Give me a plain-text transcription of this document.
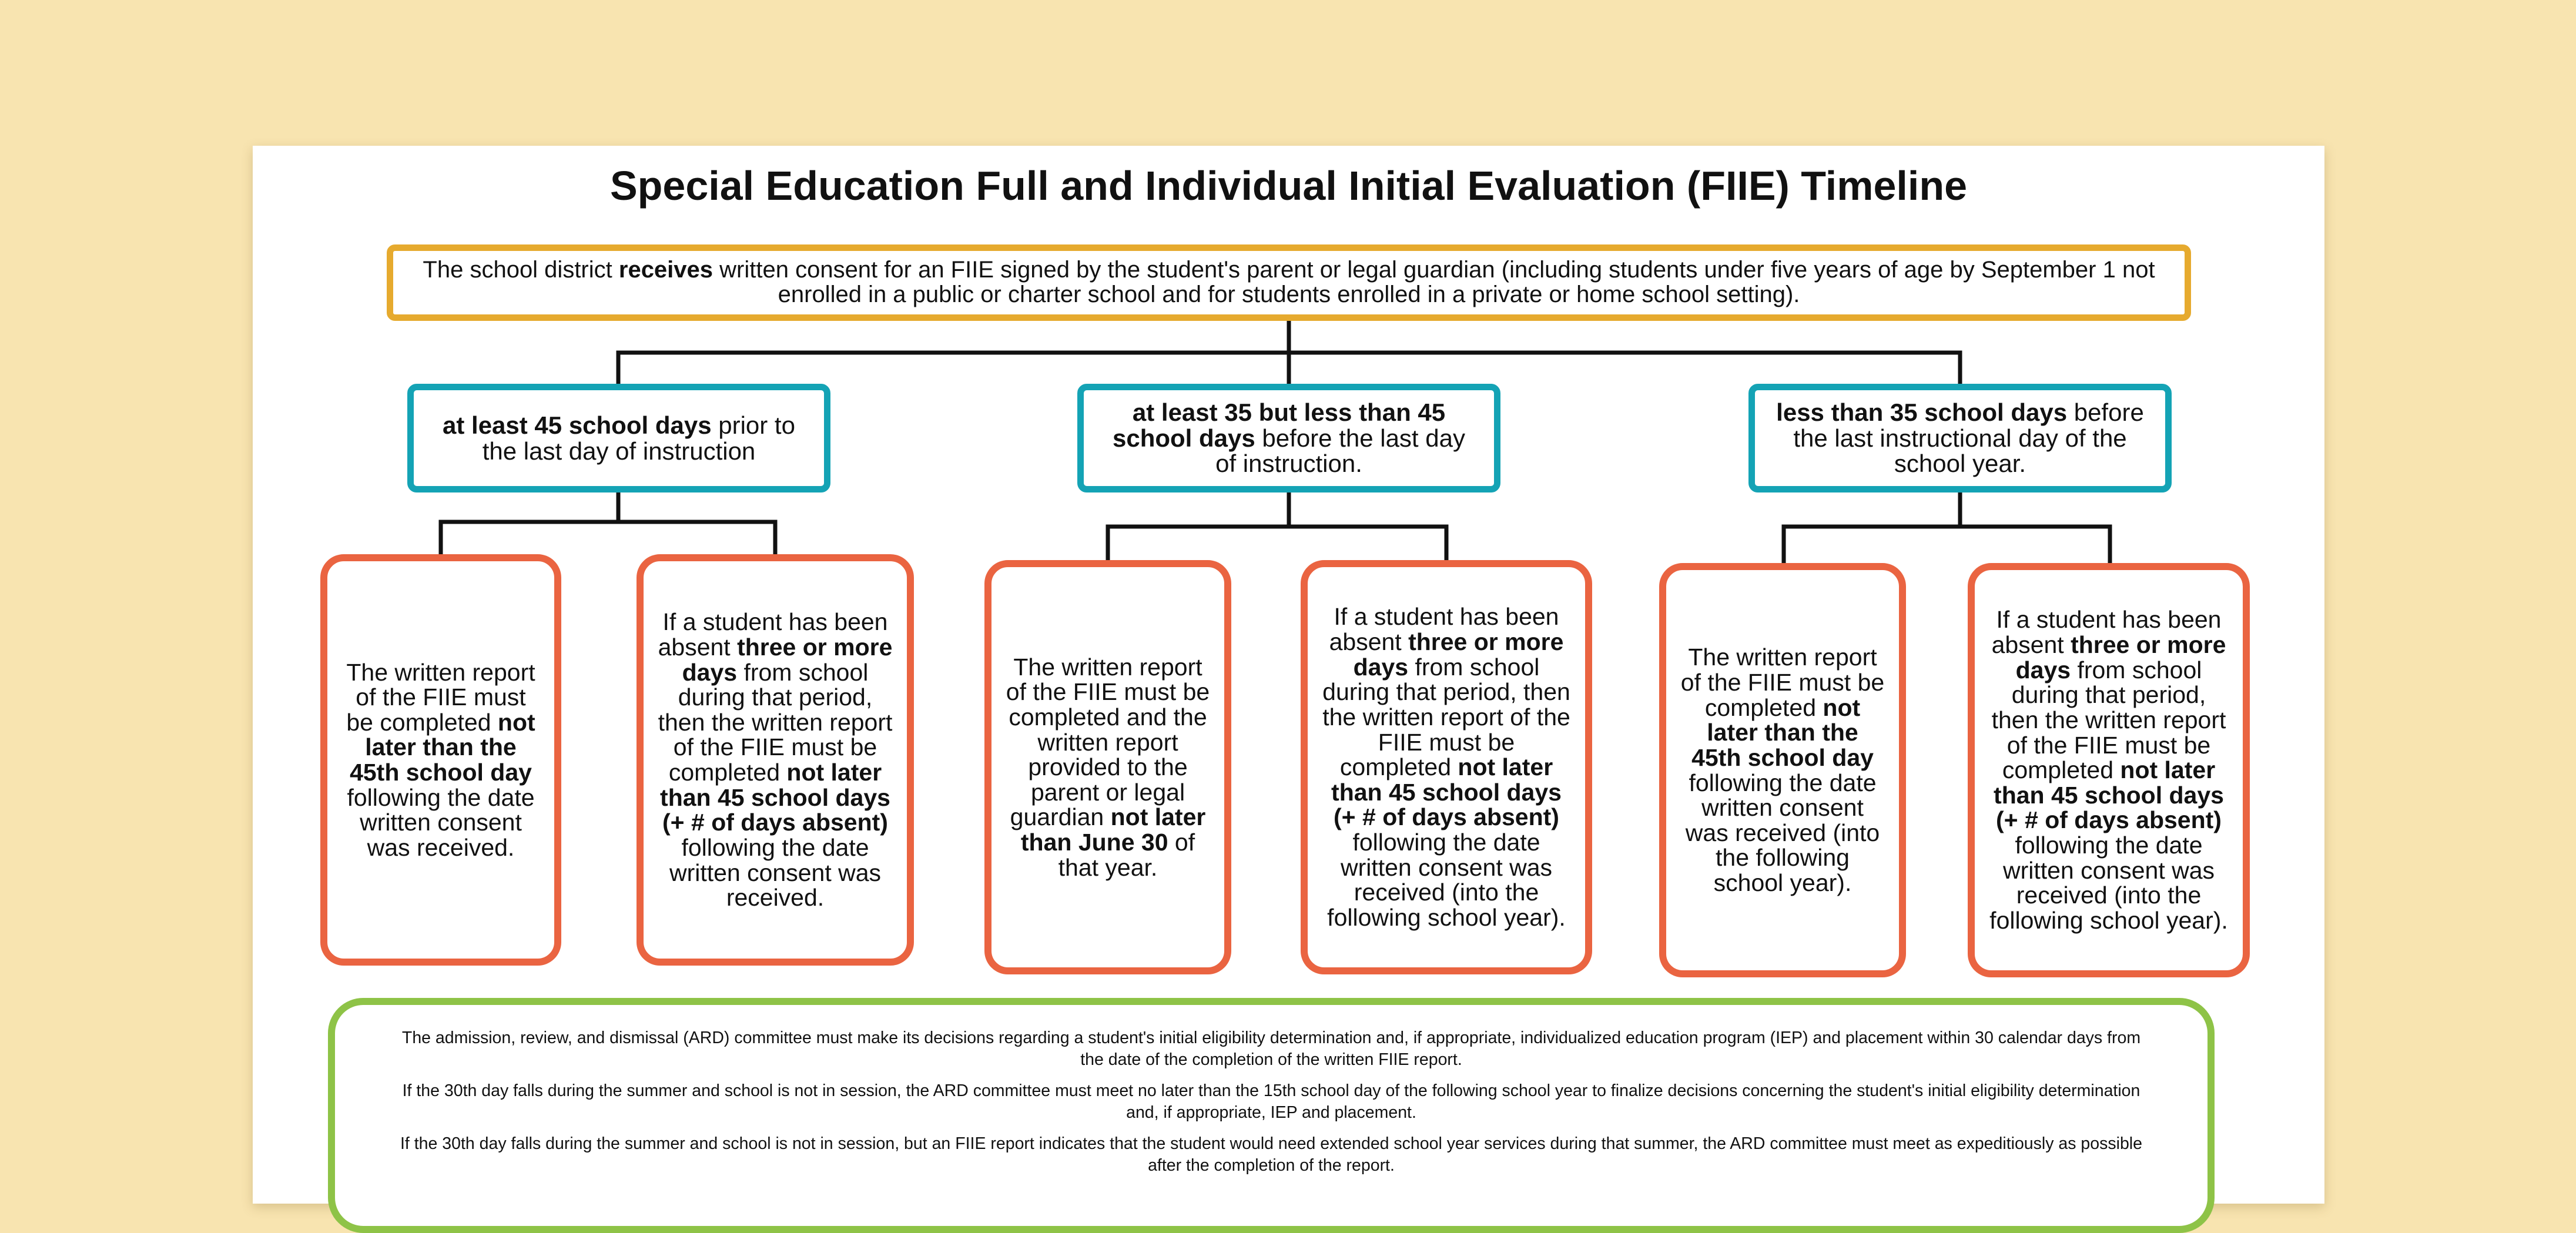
Special Education Full and Individual Initial Evaluation (FIIE) Timeline

The school district receives written consent for an FIIE signed by the student's parent or legal guardian (including students under five years of age by September 1 not enrolled in a public or charter school and for students enrolled in a private or home school setting).

at least 45 school days prior to the last day of instruction

at least 35 but less than 45 school days before the last day of instruction.

less than 35 school days before the last instructional day of the school year.

The written report of the FIIE must be completed not later than the 45th school day following the date written consent was received.

If a student has been absent three or more days from school during that period, then the written report of the FIIE must be completed not later than 45 school days (+ # of days absent) following the date written consent was received.

The written report of the FIIE must be completed and the written report provided to the parent or legal guardian not later than June 30 of that year.

If a student has been absent three or more days from school during that period, then the written report of the FIIE must be completed not later than 45 school days (+ # of days absent) following the date written consent was received (into the following school year).

The written report of the FIIE must be completed not later than the 45th school day following the date written consent was received (into the following school year).

If a student has been absent three or more days from school during that period, then the written report of the FIIE must be completed not later than 45 school days (+ # of days absent) following the date written consent was received (into the following school year).

The admission, review, and dismissal (ARD) committee must make its decisions regarding a student's initial eligibility determination and, if appropriate, individualized education program (IEP) and placement within 30 calendar days from the date of the completion of the written FIIE report.

If the 30th day falls during the summer and school is not in session, the ARD committee must meet no later than the 15th school day of the following school year to finalize decisions concerning the student's initial eligibility determination and, if appropriate, IEP and placement.

If the 30th day falls during the summer and school is not in session, but an FIIE report indicates that the student would need extended school year services during that summer, the ARD committee must meet as expeditiously as possible after the completion of the report.
